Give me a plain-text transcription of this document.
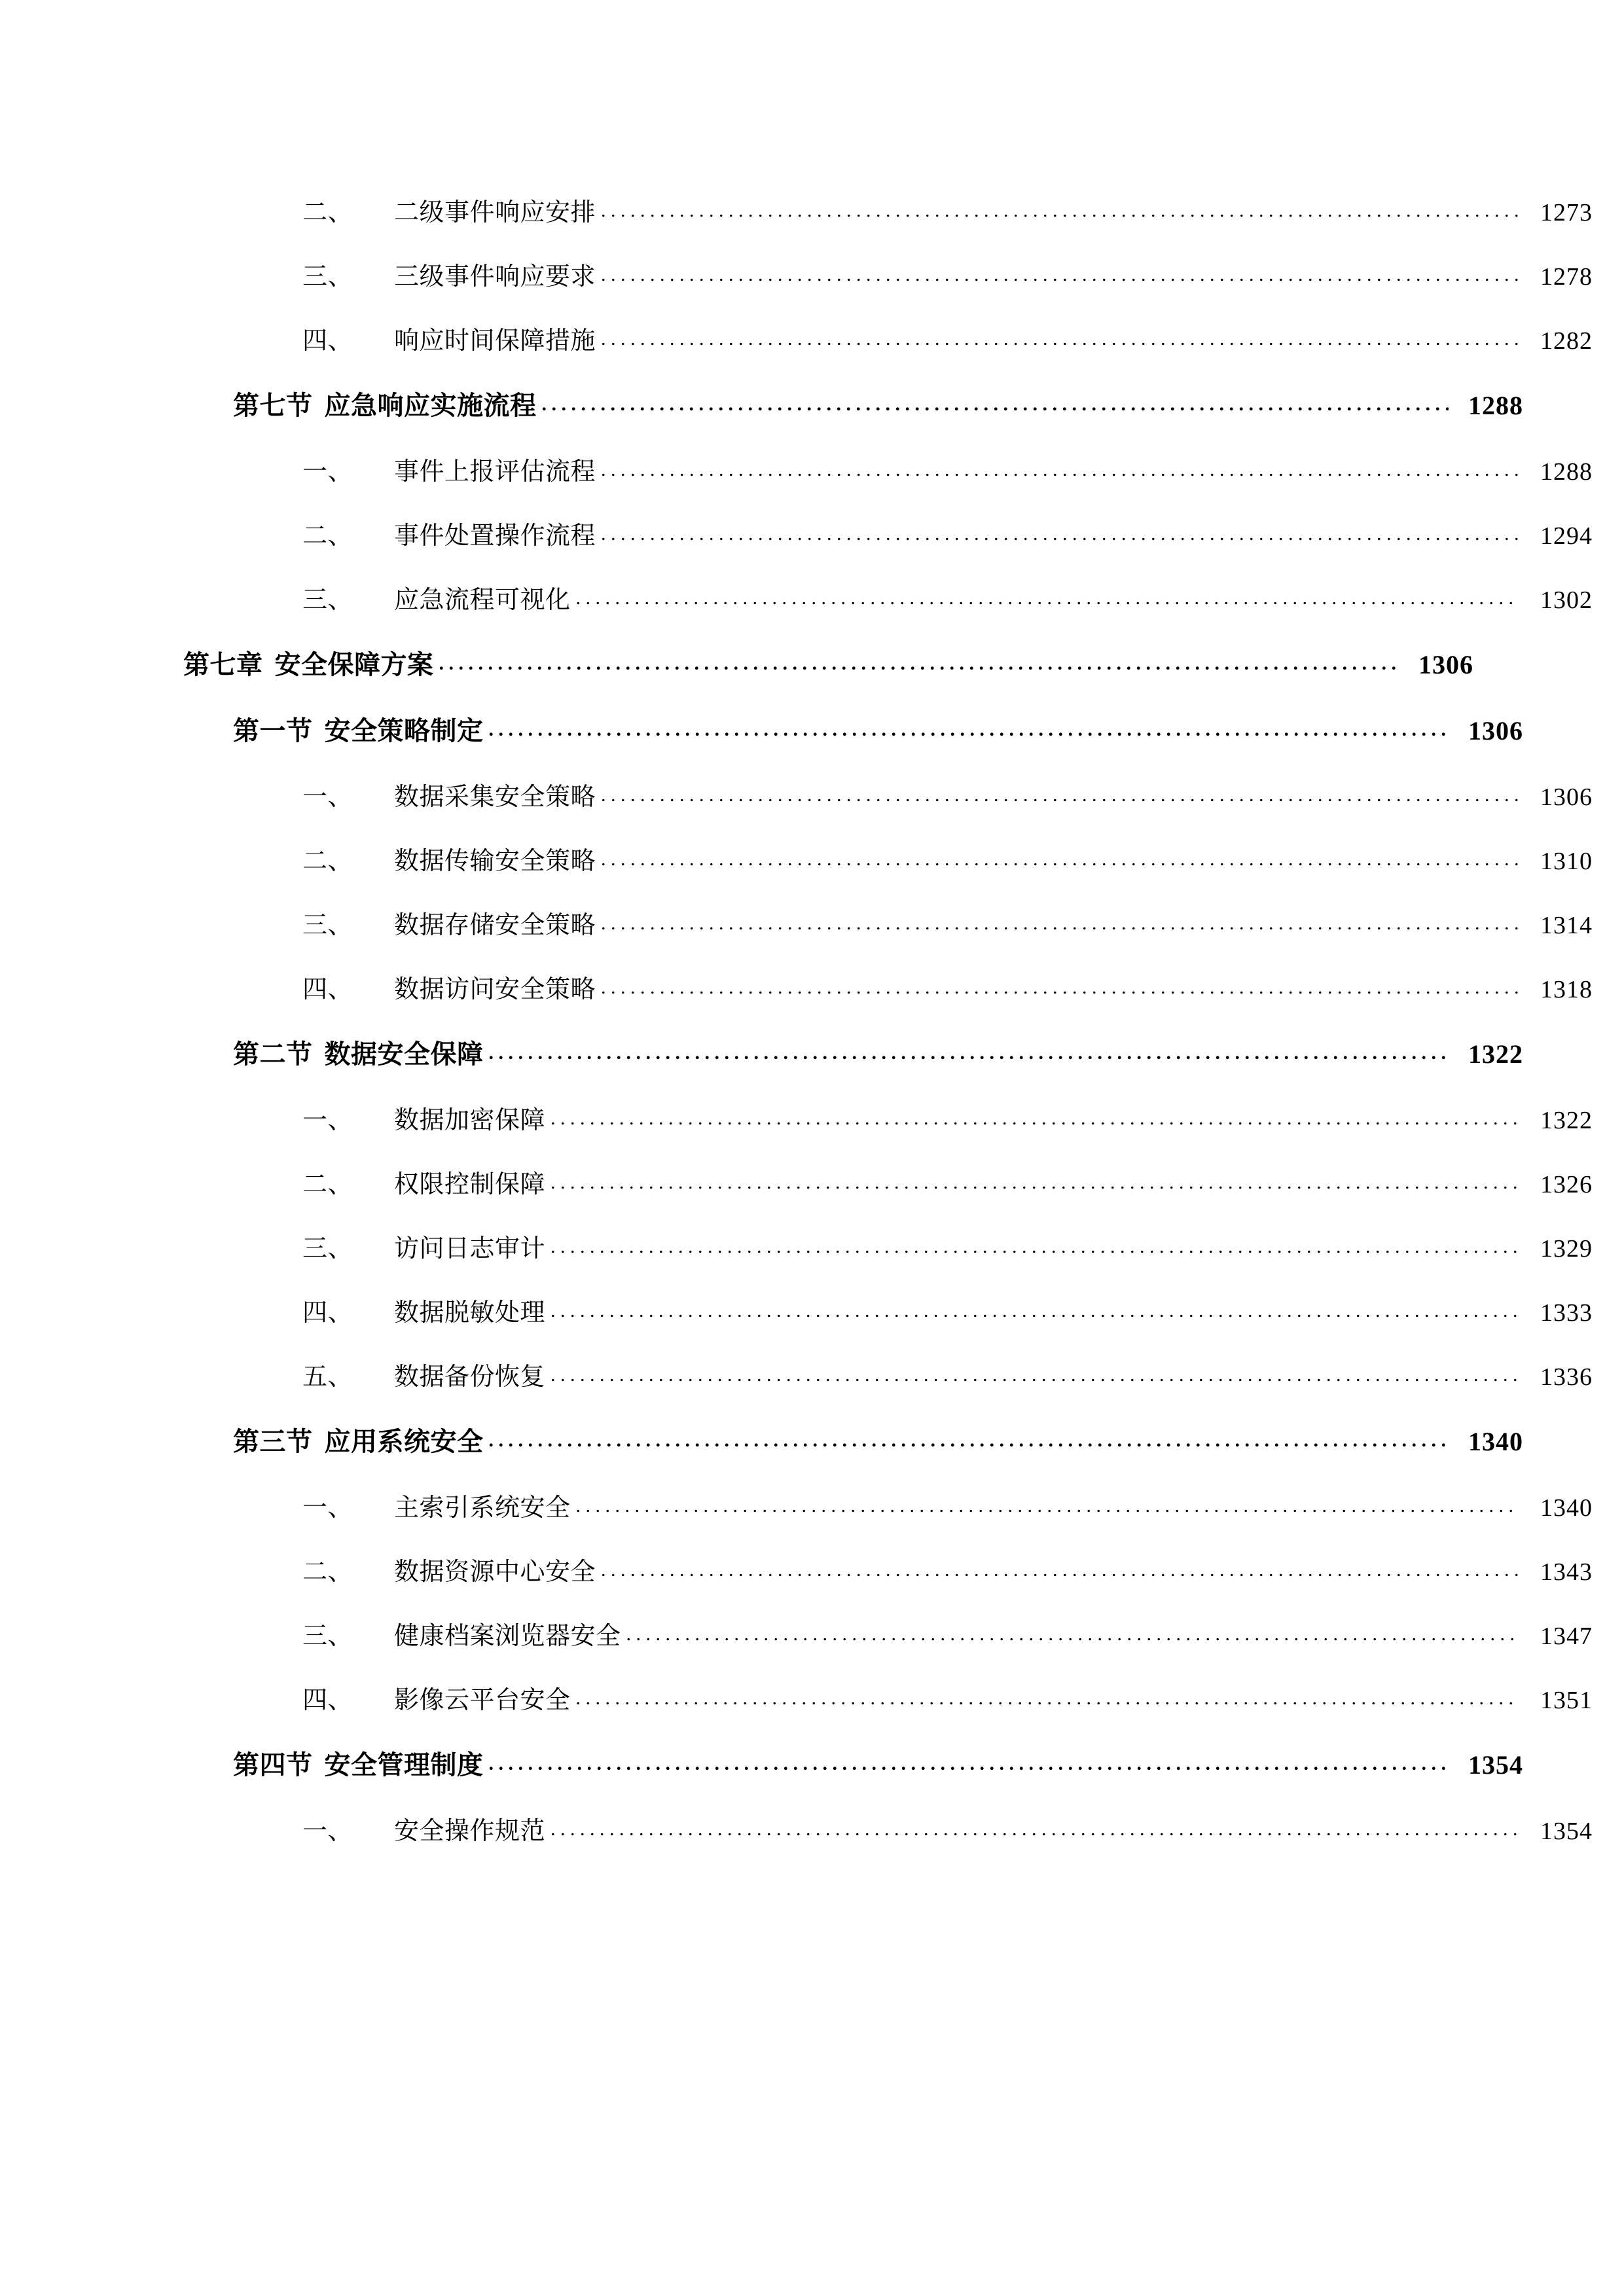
二、 二级事件响应安排 . . .	1273
三、 三级事件响应要求 . . .	1278
四、 响应时间保障措施 . . .	1282
第七节 应急响应实施流程 . . .	1288
一、 事件上报评估流程 . . .	1288
二、 事件处置操作流程 . . .	1294
三、 应急流程可视化 . . .	1302
第七章 安全保障方案 . . .	1306
第一节 安全策略制定 . . .	1306
一、 数据采集安全策略 . . .	1306
二、 数据传输安全策略 . . .	1310
三、 数据存储安全策略 . . .	1314
四、 数据访问安全策略 . . .	1318
第二节 数据安全保障 . . .	1322
一、 数据加密保障 . . .	1322
二、 权限控制保障 . . .	1326
三、 访问日志审计 . . .	1329
四、 数据脱敏处理 . . .	1333
五、 数据备份恢复 . . .	1336
第三节 应用系统安全 . . .	1340
一、 主索引系统安全 . . .	1340
二、 数据资源中心安全 . . .	1343
三、 健康档案浏览器安全 . . .	1347
四、 影像云平台安全 . . .	1351
第四节 安全管理制度 . . .	1354
一、 安全操作规范 . . .	1354
